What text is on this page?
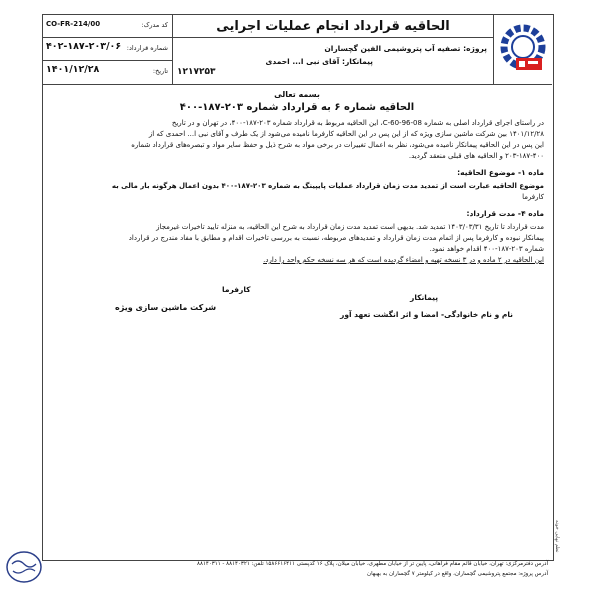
کد مدرک:
CO-FR-214/00
شماره قرارداد:
۴۰۲-۱۸۷-۲۰۳/۰۶
تاریخ:
۱۴۰۱/۱۲/۲۸
الحاقیه قرارداد انجام عملیات اجرایی
پروژه: تصفیه آب پتروشیمی الفین گچساران
پیمانکار: آقای نبی ا... احمدی
۱۲۱۷۲۵۳
بسمه تعالی
الحاقیه شماره ۶ به قرارداد شماره ۲۰۳-۱۸۷-۴۰۰
در راستای اجرای قرارداد اصلی به شماره C-60-96-08، این الحاقیه مربوط به قرارداد شماره ۲۰۳-۱۸۷-۴۰۰، در تهران و در تاریخ
۱۴۰۱/۱۲/۲۸ بین شرکت ماشین سازی ویژه که از این پس در این الحاقیه کارفرما نامیده می‌شود از یک طرف و آقای نبی ا... احمدی که از
این پس در این الحاقیه پیمانکار نامیده می‌شود، نظر به اعمال تغییرات در برخی مواد به شرح ذیل و حفظ سایر مواد و تبصره‌های قرارداد شماره
۲۰۳-۱۸۷-۴۰۰ و الحاقیه های قبلی منعقد گردید.
ماده ۱- موضوع الحاقیه:
موضوع الحاقیه عبارت است از تمدید مدت زمان قرارداد عملیات پایپینگ به شماره ۲۰۳-۱۸۷-۴۰۰ بدون اعمال هرگونه بار مالی به
کارفرما
ماده ۴- مدت قرارداد:
مدت قرارداد تا تاریخ ۱۴۰۳/۰۳/۳۱ تمدید شد. بدیهی است تمدید مدت زمان قرارداد به شرح این الحاقیه، به منزله تایید تاخیرات غیرمجاز
پیمانکار نبوده و کارفرما پس از اتمام مدت زمان قرارداد و تمدیدهای مربوطه، نسبت به بررسی تاخیرات اقدام و مطابق با مفاد مندرج در قرارداد
شماره ۲۰۳-۱۸۷-۴۰۰ اقدام خواهد نمود.
این الحاقیه در ۲ ماده و در ۳ نسخه تهیه و امضاء گردیده است که هر سه نسخه حکم واحد را دارد.
کارفرما
شرکت ماشین سازی ویژه
پیمانکار
نام و نام خانوادگی- امضا و اثر انگشت تعهد آور
نظم نهایی خونه
آدرس دفترمرکزی: تهران، خیابان قائم مقام فراهانی، پایین تر از خیابان مطهری، خیابان میلان، پلاک ۱۶ کدپستی ۱۵۸۶۶۱۶۴۱۱ تلفن: ۸۸۱۴۰۳۲۱ - ۸۸۱۴۰۳۱۱
آدرس پروژه: مجتمع پتروشیمی گچساران، واقع در کیلومتر ۷ گچساران به بهبهان
